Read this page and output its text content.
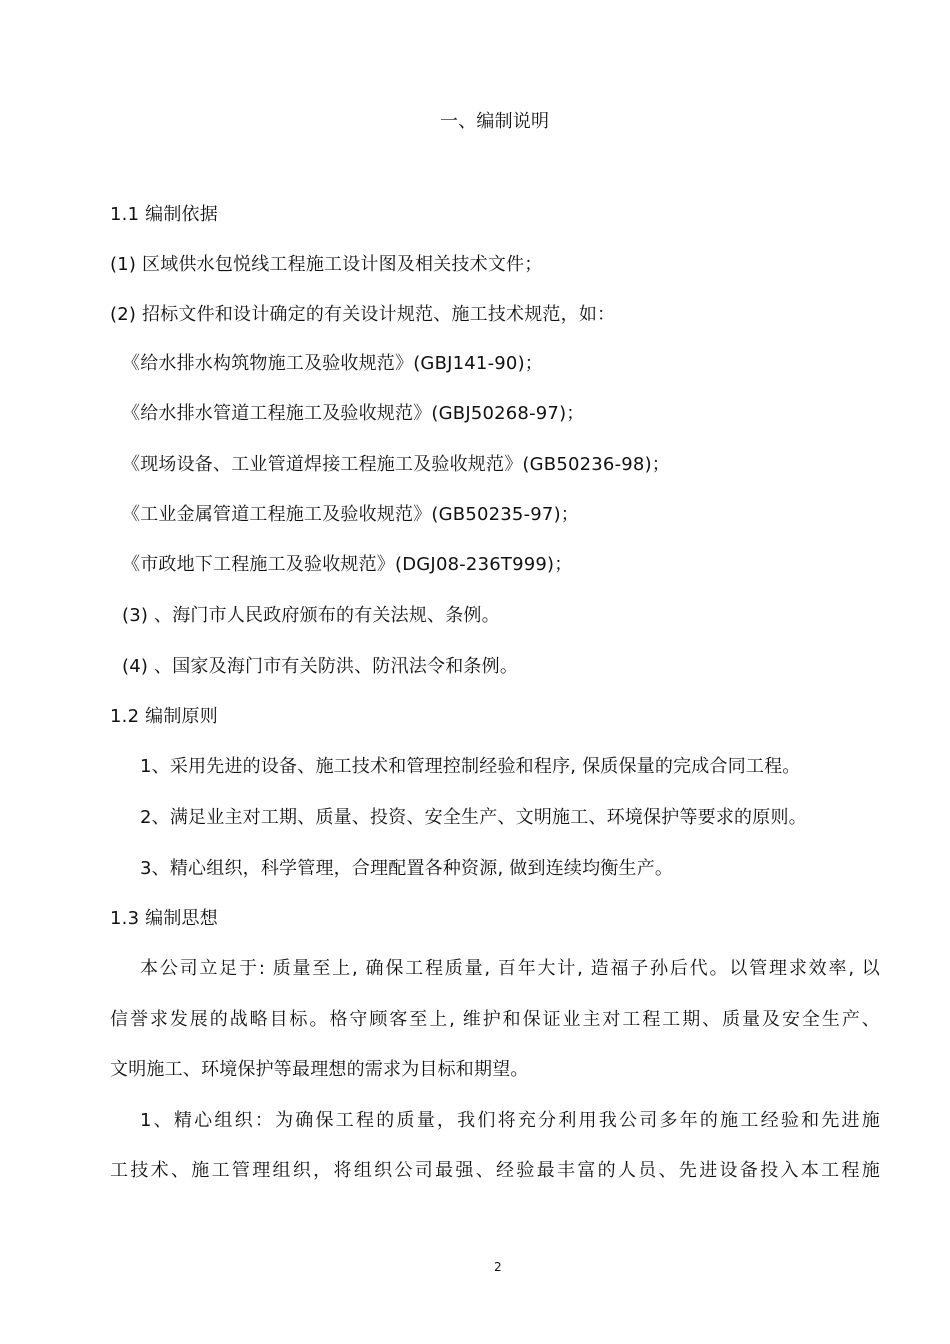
一、编制说明
1.1 编制依据
(1) 区域供水包悦线工程施工设计图及相关技术文件；
(2) 招标文件和设计确定的有关设计规范、施工技术规范，如：
《给水排水构筑物施工及验收规范》(GBJ141-90)；
《给水排水管道工程施工及验收规范》(GBJ50268-97)；
《现场设备、工业管道焊接工程施工及验收规范》(GB50236-98)；
《工业金属管道工程施工及验收规范》(GB50235-97)；
《市政地下工程施工及验收规范》(DGJ08-236T999)；
(3) 、海门市人民政府颁布的有关法规、条例。
(4) 、国家及海门市有关防洪、防汛法令和条例。
1.2 编制原则
1、采用先进的设备、施工技术和管理控制经验和程序, 保质保量的完成合同工程。
2、满足业主对工期、质量、投资、安全生产、文明施工、环境保护等要求的原则。
3、精心组织，科学管理，合理配置各种资源, 做到连续均衡生产。
1.3 编制思想
本公司立足于: 质量至上, 确保工程质量, 百年大计, 造福子孙后代。以管理求效率, 以
信誉求发展的战略目标。格守顾客至上, 维护和保证业主对工程工期、质量及安全生产、
文明施工、环境保护等最理想的需求为目标和期望。
1、精心组织：为确保工程的质量，我们将充分利用我公司多年的施工经验和先进施
工技术、施工管理组织，将组织公司最强、经验最丰富的人员、先进设备投入本工程施
2
